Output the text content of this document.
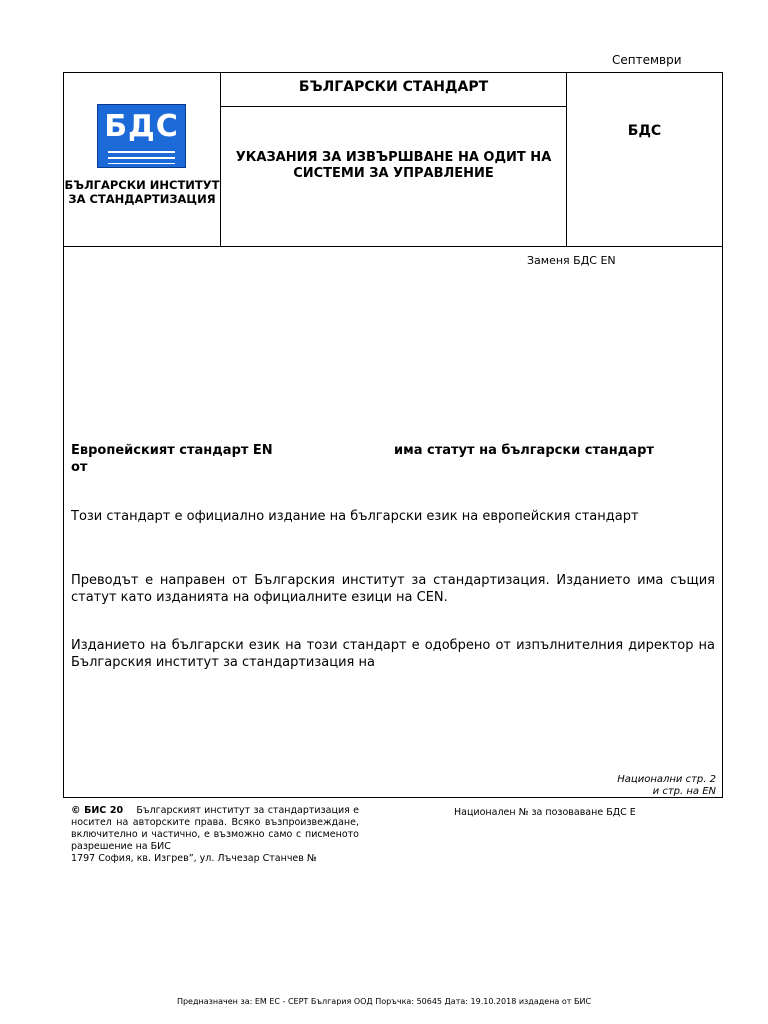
Септември
БДС
БЪЛГАРСКИ ИНСТИТУТ
ЗА СТАНДАРТИЗАЦИЯ
БЪЛГАРСКИ СТАНДАРТ
УКАЗАНИЯ ЗА ИЗВЪРШВАНЕ НА ОДИТ НА
СИСТЕМИ ЗА УПРАВЛЕНИЕ
БДС
Заменя БДС EN
Европейският стандарт EN
от
има статут на български стандарт
Този стандарт е официално издание на български език на европейския стандарт
Преводът е направен от Българския институт за стандартизация. Изданието има същия статут като изданията на официалните езици на CEN.
Изданието на български език на този стандарт е одобрено от изпълнителния директор на Българския институт за стандартизация на
Национални стр. 2
и стр. на EN
© БИС 20 Българският институт за стандартизация е носител на авторските права. Всяко възпроизвеждане, включително и частично, е възможно само с писменото разрешение на БИС
1797 София, кв. Изгрев”, ул. Лъчезар Станчев №
Национален № за позоваване БДС Е
Предназначен за: ЕМ ЕС - СЕРТ България ООД Поръчка: 50645 Дата: 19.10.2018 издадена от БИС
